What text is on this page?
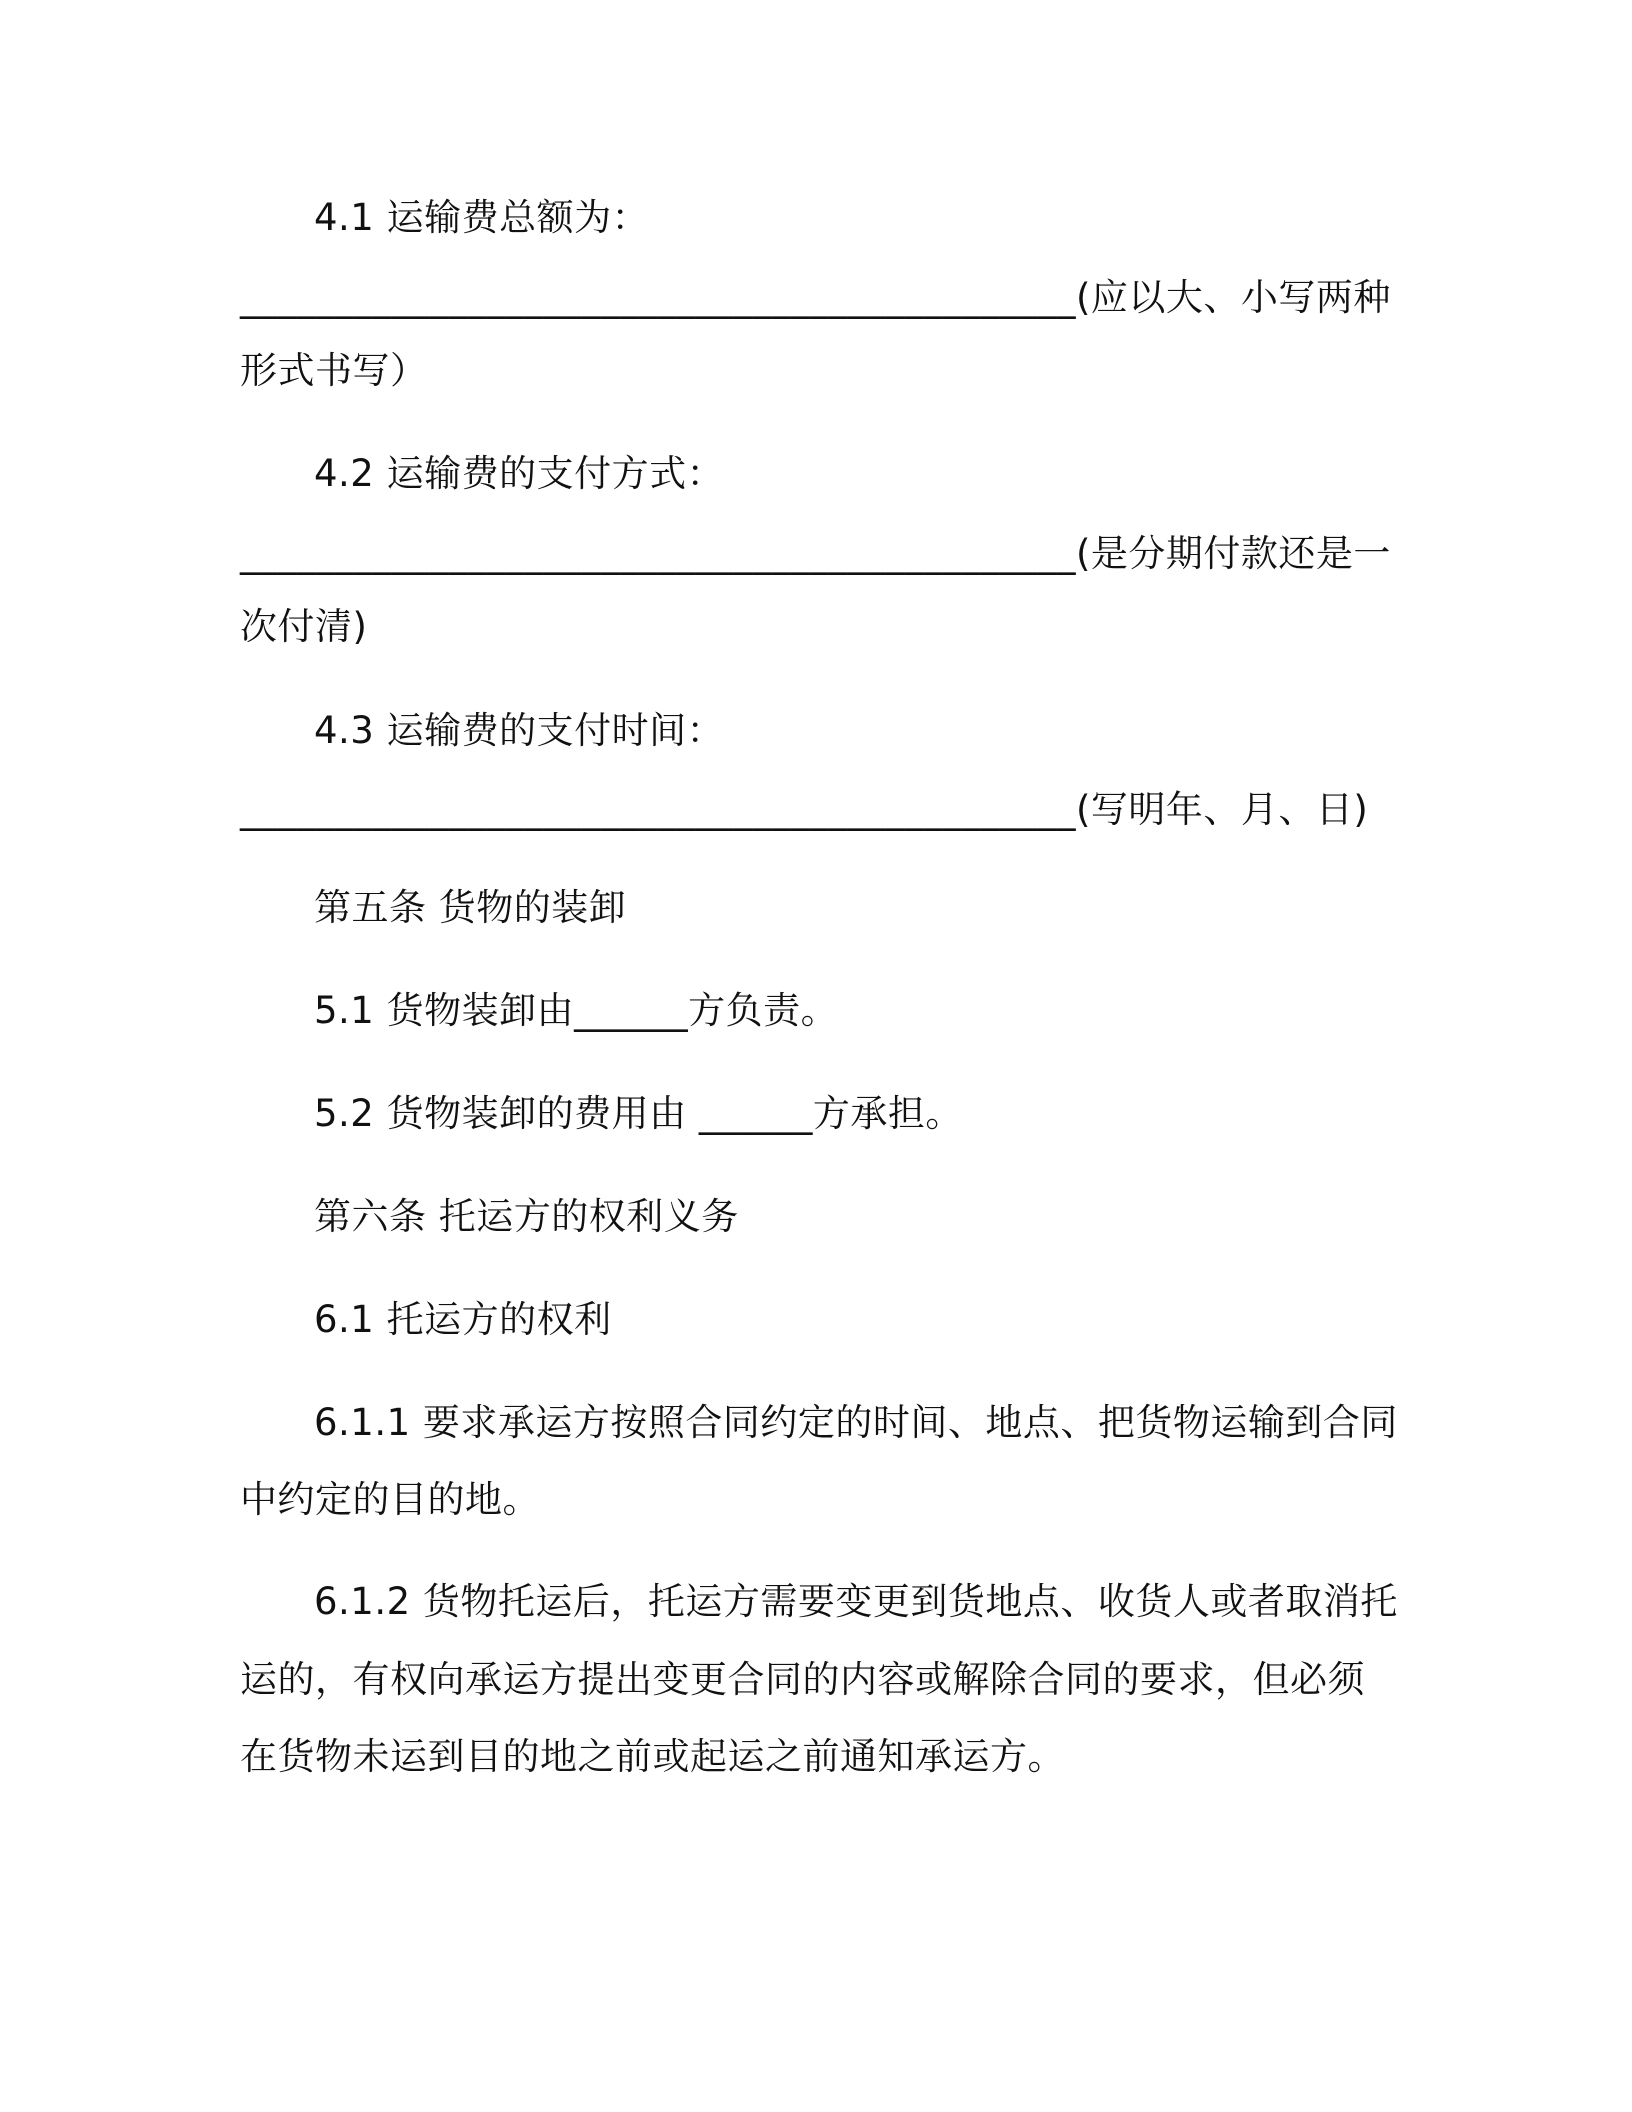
4.1 运输费总额为：
____________________________________________(应以大、小写两种
形式书写）
4.2 运输费的支付方式：
____________________________________________(是分期付款还是一
次付清)
4.3 运输费的支付时间：
____________________________________________(写明年、月、日)
第五条 货物的装卸
5.1 货物装卸由______方负责。
5.2 货物装卸的费用由 ______方承担。
第六条 托运方的权利义务
6.1 托运方的权利
6.1.1 要求承运方按照合同约定的时间、地点、把货物运输到合同
中约定的目的地。
6.1.2 货物托运后，托运方需要变更到货地点、收货人或者取消托
运的，有权向承运方提出变更合同的内容或解除合同的要求，但必须
在货物未运到目的地之前或起运之前通知承运方。
